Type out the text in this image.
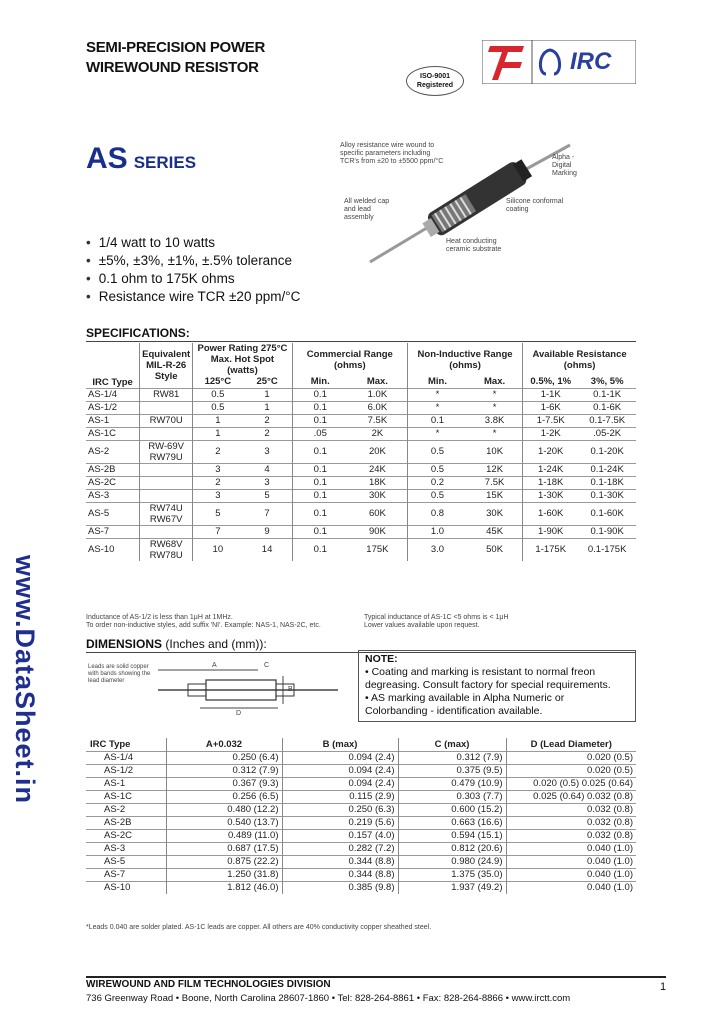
SEMI-PRECISION POWER
WIREWOUND RESISTOR	IRC
ISO-9001
Registered
AS SERIES
Alloy resistance wire wound to specific parameters including TCR's from ±20 to ±5500 ppm/°C
Alpha - Digital Marking
Silicone conformal coating
All welded cap and lead assembly
Heat conducting ceramic substrate
• 1/4 watt to 10 watts
• ±5%, ±3%, ±1%, ±.5% tolerance
• 0.1 ohm to 175K ohms
• Resistance wire TCR ±20 ppm/°C
www.DataSheet.in
SPECIFICATIONS:
IRC Type	Equivalent MIL-R-26 Style	Power Rating 275°C Max. Hot Spot (watts)		Commercial Range (ohms)		Non-Inductive Range (ohms)		Available Resistance (ohms)	
		125°C	25°C	Min.	Max.	Min.	Max.	0.5%, 1%	3%, 5%
AS-1/4	RW81	0.5	1	0.1	1.0K	*	*	1-1K	0.1-1K
AS-1/2		0.5	1	0.1	6.0K	*	*	1-6K	0.1-6K
AS-1	RW70U	1	2	0.1	7.5K	0.1	3.8K	1-7.5K	0.1-7.5K
AS-1C		1	2	.05	2K	*	*	1-2K	.05-2K
AS-2	RW-69V RW79U	2	3	0.1	20K	0.5	10K	1-20K	0.1-20K
AS-2B		3	4	0.1	24K	0.5	12K	1-24K	0.1-24K
AS-2C		2	3	0.1	18K	0.2	7.5K	1-18K	0.1-18K
AS-3		3	5	0.1	30K	0.5	15K	1-30K	0.1-30K
AS-5	RW74U RW67V	5	7	0.1	60K	0.8	30K	1-60K	0.1-60K
AS-7		7	9	0.1	90K	1.0	45K	1-90K	0.1-90K
AS-10	RW68V RW78U	10	14	0.1	175K	3.0	50K	1-175K	0.1-175K
Inductance of AS-1/2 is less than 1μH at 1MHz.
To order non-inductive styles, add suffix 'NI'. Example: NAS-1, NAS-2C, etc.
Typical inductance of AS-1C <5 ohms is < 1μH
Lower values available upon request.
DIMENSIONS (Inches and (mm)):
Leads are solid copper with bands showing the lead diameter
A
B
C
D
NOTE:
• Coating and marking is resistant to normal freon degreasing. Consult factory for special requirements.
• AS marking available in Alpha Numeric or Colorbanding - identification available.
IRC Type	A+0.032	B (max)	C (max)	D (Lead Diameter)
AS-1/4	0.250 (6.4)	0.094 (2.4)	0.312 (7.9)	0.020 (0.5)
AS-1/2	0.312 (7.9)	0.094 (2.4)	0.375 (9.5)	0.020 (0.5)
AS-1	0.367 (9.3)	0.094 (2.4)	0.479 (10.9)	0.020 (0.5) 0.025 (0.64)
AS-1C	0.256 (6.5)	0.115 (2.9)	0.303 (7.7)	0.025 (0.64) 0.032 (0.8)
AS-2	0.480 (12.2)	0.250 (6.3)	0.600 (15.2)	0.032 (0.8)
AS-2B	0.540 (13.7)	0.219 (5.6)	0.663 (16.6)	0.032 (0.8)
AS-2C	0.489 (11.0)	0.157 (4.0)	0.594 (15.1)	0.032 (0.8)
AS-3	0.687 (17.5)	0.282 (7.2)	0.812 (20.6)	0.040 (1.0)
AS-5	0.875 (22.2)	0.344 (8.8)	0.980 (24.9)	0.040 (1.0)
AS-7	1.250 (31.8)	0.344 (8.8)	1.375 (35.0)	0.040 (1.0)
AS-10	1.812 (46.0)	0.385 (9.8)	1.937 (49.2)	0.040 (1.0)
*Leads 0.040 are solder plated. AS-1C leads are copper. All others are 40% conductivity copper sheathed steel.
WIREWOUND AND FILM TECHNOLOGIES DIVISION
736 Greenway Road • Boone, North Carolina 28607-1860 • Tel: 828-264-8861 • Fax: 828-264-8866 • www.irctt.com
1
